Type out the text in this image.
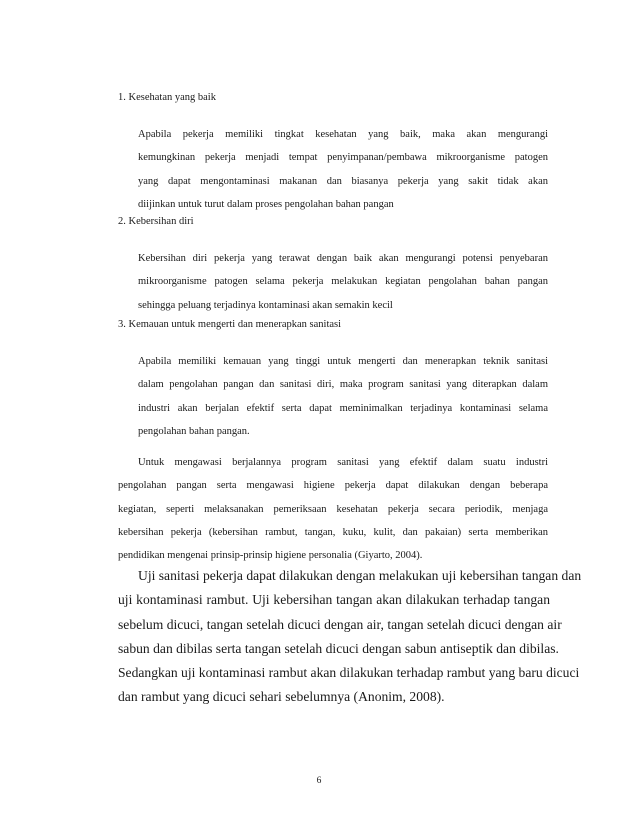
1. Kesehatan yang baik
Apabila pekerja memiliki tingkat kesehatan yang baik, maka akan mengurangi
kemungkinan pekerja menjadi tempat penyimpanan/pembawa mikroorganisme patogen
yang dapat mengontaminasi makanan dan biasanya pekerja yang sakit tidak akan
diijinkan untuk turut dalam proses pengolahan bahan pangan
2. Kebersihan diri
Kebersihan diri pekerja yang terawat dengan baik akan mengurangi potensi penyebaran
mikroorganisme patogen selama pekerja melakukan kegiatan pengolahan bahan pangan
sehingga peluang terjadinya kontaminasi akan semakin kecil
3. Kemauan untuk mengerti dan menerapkan sanitasi
Apabila memiliki kemauan yang tinggi untuk mengerti dan menerapkan teknik sanitasi
dalam pengolahan pangan dan sanitasi diri, maka program sanitasi yang diterapkan dalam
industri akan berjalan efektif serta dapat meminimalkan terjadinya kontaminasi selama
pengolahan bahan pangan.
Untuk mengawasi berjalannya program sanitasi yang efektif dalam suatu industri
pengolahan pangan serta mengawasi higiene pekerja dapat dilakukan dengan beberapa
kegiatan, seperti melaksanakan pemeriksaan kesehatan pekerja secara periodik, menjaga
kebersihan pekerja (kebersihan rambut, tangan, kuku, kulit, dan pakaian) serta memberikan
pendidikan mengenai prinsip-prinsip higiene personalia (Giyarto, 2004).
Uji sanitasi pekerja dapat dilakukan dengan melakukan uji kebersihan tangan dan
uji kontaminasi rambut. Uji kebersihan tangan akan dilakukan terhadap tangan
sebelum dicuci, tangan setelah dicuci dengan air, tangan setelah dicuci dengan air
sabun dan dibilas serta tangan setelah dicuci dengan sabun antiseptik dan dibilas.
Sedangkan uji kontaminasi rambut akan dilakukan terhadap rambut yang baru dicuci
dan rambut yang dicuci sehari sebelumnya (Anonim, 2008).
6
